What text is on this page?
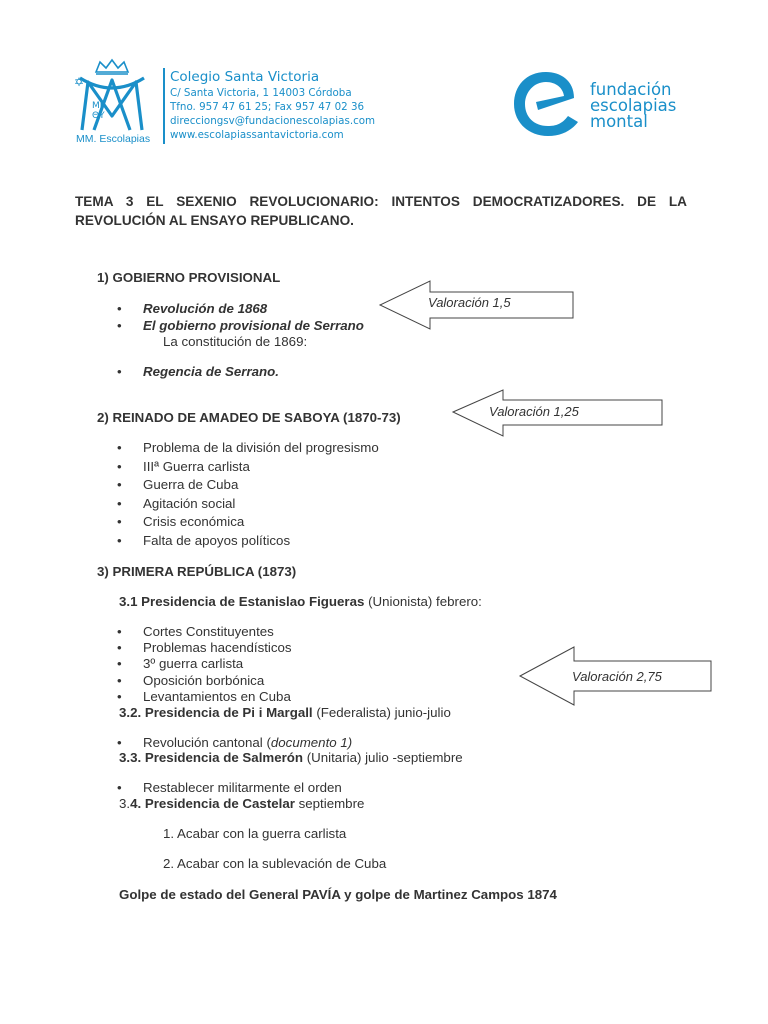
✡
MP
ΘΥ
MM. Escolapias
Colegio Santa Victoria
C/ Santa Victoria, 1 14003 Córdoba
Tfno. 957 47 61 25; Fax 957 47 02 36
direcciongsv@fundacionescolapias.com
www.escolapiassantavictoria.com
fundación
escolapias
montal
TEMA 3 EL SEXENIO REVOLUCIONARIO: INTENTOS DEMOCRATIZADORES. DE LA REVOLUCIÓN AL ENSAYO REPUBLICANO.
1) GOBIERNO PROVISIONAL
• Revolución de 1868
• El gobierno provisional de Serrano
La constitución de 1869:
• Regencia de Serrano.
Valoración 1,5
2) REINADO DE AMADEO DE SABOYA (1870-73)	Valoración 1,25
• Problema de la división del progresismo
• IIIª Guerra carlista
• Guerra de Cuba
• Agitación social
• Crisis económica
• Falta de apoyos políticos
3) PRIMERA REPÚBLICA (1873)
3.1 Presidencia de Estanislao Figueras (Unionista) febrero:
• Cortes Constituyentes
• Problemas hacendísticos
• 3º guerra carlista
• Oposición borbónica
• Levantamientos en Cuba
Valoración 2,75
3.2. Presidencia de Pi i Margall (Federalista) junio-julio
• Revolución cantonal (documento 1)
3.3. Presidencia de Salmerón (Unitaria) julio -septiembre
• Restablecer militarmente el orden
3.4. Presidencia de Castelar septiembre
1. Acabar con la guerra carlista
2. Acabar con la sublevación de Cuba
Golpe de estado del General PAVÍA y golpe de Martinez Campos 1874
